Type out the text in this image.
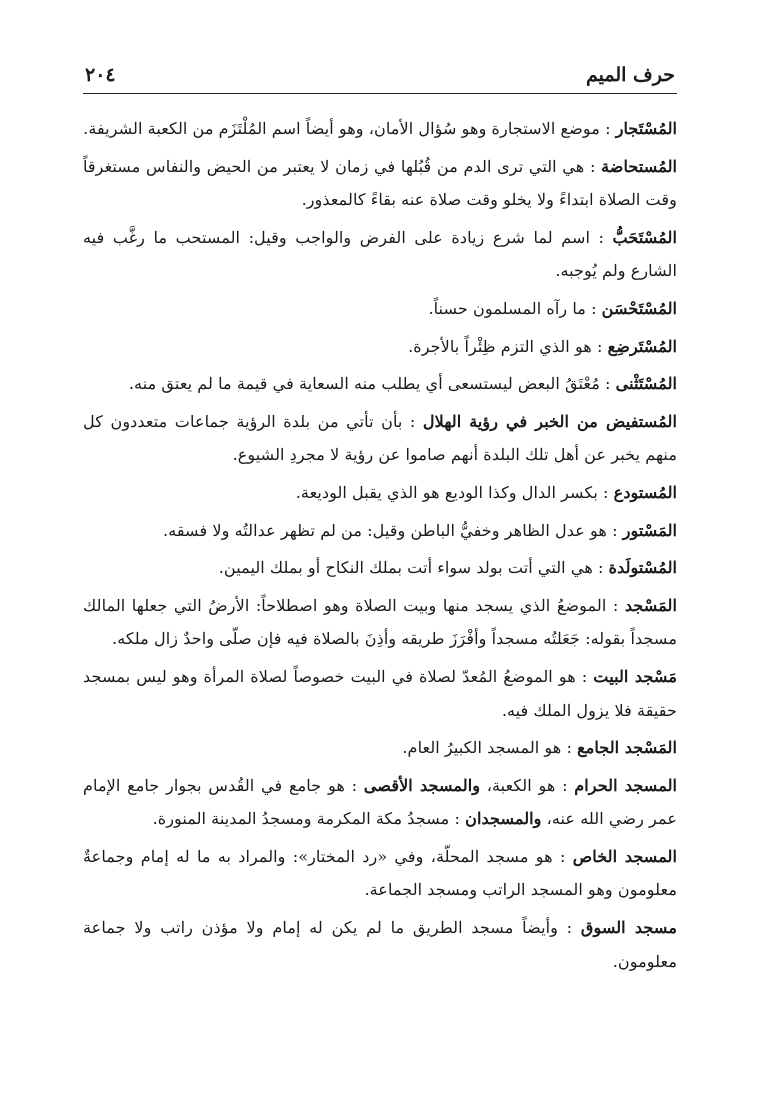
حرف الميم
٢٠٤

المُسْتَجار : موضع الاستجارة وهو سُؤال الأمان، وهو أيضاً اسم المُلْتَزَم من الكعبة الشريفة.

المُستحاضة : هي التي ترى الدم من قُبُلها في زمان لا يعتبر من الحيض والنفاس مستغرقاً وقت الصلاة ابتداءً ولا يخلو وقت صلاة عنه بقاءً كالمعذور.

المُسْتَحَبُّ : اسم لما شرع زيادة على الفرض والواجب وقيل: المستحب ما رغَّب فيه الشارع ولم يُوجبه.

المُسْتَحْسَن : ما رآه المسلمون حسناً.

المُسْتَرضِع : هو الذي التزم ظِئْراً بالأجرة.

المُسْتَثْنى : مُعْتَقُ البعض ليستسعى أي يطلب منه السعاية في قيمة ما لم يعتق منه.

المُستفيض من الخبر في رؤية الهلال : بأن تأتي من بلدة الرؤية جماعات متعددون كل منهم يخبر عن أهل تلك البلدة أنهم صاموا عن رؤية لا مجردِ الشيوع.

المُستودع : بكسر الدال وكذا الوديع هو الذي يقبل الوديعة.

المَسْتور : هو عدل الظاهر وخفيُّ الباطن وقيل: من لم تظهر عدالتُه ولا فسقه.

المُسْتولَدة : هي التي أتت بولد سواء أتت بملك النكاح أو بملك اليمين.

المَسْجد : الموضعُ الذي يسجد منها وبيت الصلاة وهو اصطلاحاً: الأرضُ التي جعلها المالك مسجداً بقوله: جَعَلتُه مسجداً وأفْرَزَ طريقه وأذِنَ بالصلاة فيه فإن صلّى واحدٌ زال ملكه.

مَسْجد البيت : هو الموضعُ المُعدّ لصلاة في البيت خصوصاً لصلاة المرأة وهو ليس بمسجد حقيقة فلا يزول الملك فيه.

المَسْجد الجامع : هو المسجد الكبيرُ العام.

المسجد الحرام : هو الكعبة، والمسجد الأقصى : هو جامع في القُدس بجوار جامع الإمام عمر رضي الله عنه، والمسجدان : مسجدُ مكة المكرمة ومسجدُ المدينة المنورة.

المسجد الخاص : هو مسجد المحلّة، وفي «رد المختار»: والمراد به ما له إمام وجماعةٌ معلومون وهو المسجد الراتب ومسجد الجماعة.

مسجد السوق : وأيضاً مسجد الطريق ما لم يكن له إمام ولا مؤذن راتب ولا جماعة معلومون.
